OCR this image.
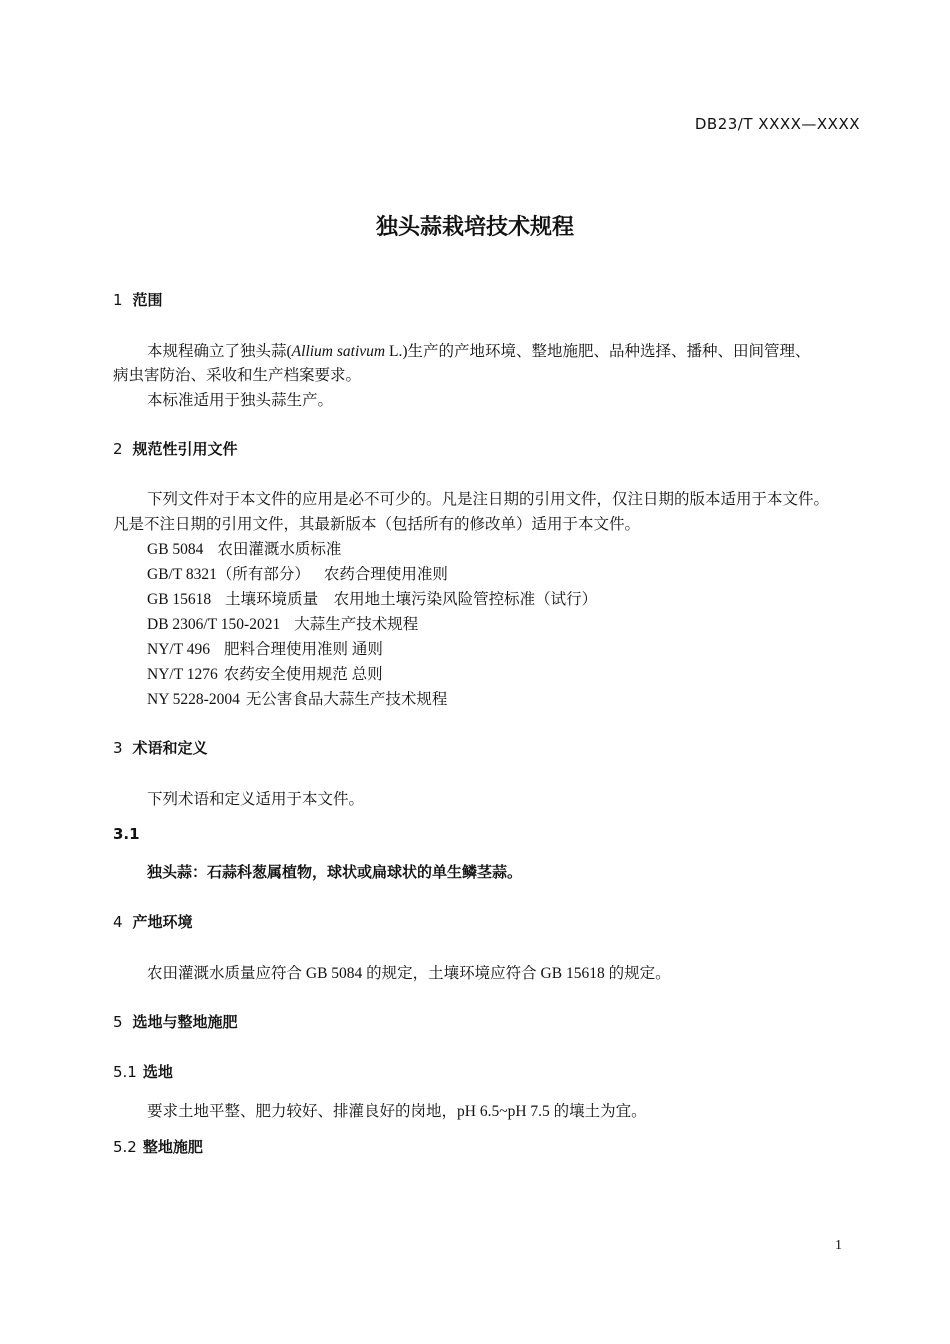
DB23/T XXXX—XXXX
独头蒜栽培技术规程
1 范围
本规程确立了独头蒜(Allium sativum L.)生产的产地环境、整地施肥、品种选择、播种、田间管理、
病虫害防治、采收和生产档案要求。
本标准适用于独头蒜生产。
2 规范性引用文件
下列文件对于本文件的应用是必不可少的。凡是注日期的引用文件，仅注日期的版本适用于本文件。
凡是不注日期的引用文件，其最新版本（包括所有的修改单）适用于本文件。
GB 5084 农田灌溉水质标准
GB/T 8321（所有部分） 农药合理使用准则
GB 15618 土壤环境质量　农用地土壤污染风险管控标准（试行）
DB 2306/T 150-2021 大蒜生产技术规程
NY/T 496 肥料合理使用准则 通则
NY/T 1276 农药安全使用规范 总则
NY 5228-2004 无公害食品大蒜生产技术规程
3 术语和定义
下列术语和定义适用于本文件。
3.1
独头蒜：石蒜科葱属植物，球状或扁球状的单生鳞茎蒜。
4 产地环境
农田灌溉水质量应符合 GB 5084 的规定，土壤环境应符合 GB 15618 的规定。
5 选地与整地施肥
5.1 选地
要求土地平整、肥力较好、排灌良好的岗地，pH 6.5~pH 7.5 的壤土为宜。
5.2 整地施肥
1
